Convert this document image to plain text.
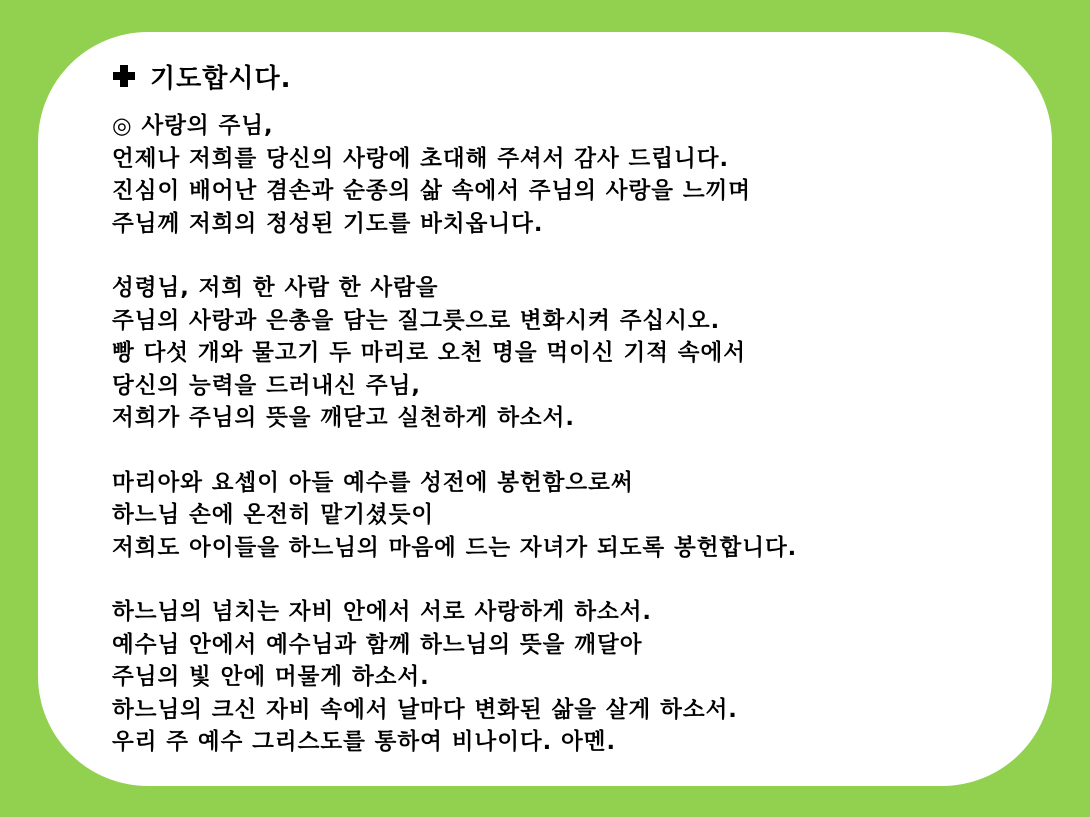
기도합시다.
◎ 사랑의 주님,
언제나 저희를 당신의 사랑에 초대해 주셔서 감사 드립니다.
진심이 배어난 겸손과 순종의 삶 속에서 주님의 사랑을 느끼며
주님께 저희의 정성된 기도를 바치옵니다.
성령님, 저희 한 사람 한 사람을
주님의 사랑과 은총을 담는 질그릇으로 변화시켜 주십시오.
빵 다섯 개와 물고기 두 마리로 오천 명을 먹이신 기적 속에서
당신의 능력을 드러내신 주님,
저희가 주님의 뜻을 깨닫고 실천하게 하소서.
마리아와 요셉이 아들 예수를 성전에 봉헌함으로써
하느님 손에 온전히 맡기셨듯이
저희도 아이들을 하느님의 마음에 드는 자녀가 되도록 봉헌합니다.
하느님의 넘치는 자비 안에서 서로 사랑하게 하소서.
예수님 안에서 예수님과 함께 하느님의 뜻을 깨달아
주님의 빛 안에 머물게 하소서.
하느님의 크신 자비 속에서 날마다 변화된 삶을 살게 하소서.
우리 주 예수 그리스도를 통하여 비나이다. 아멘.
